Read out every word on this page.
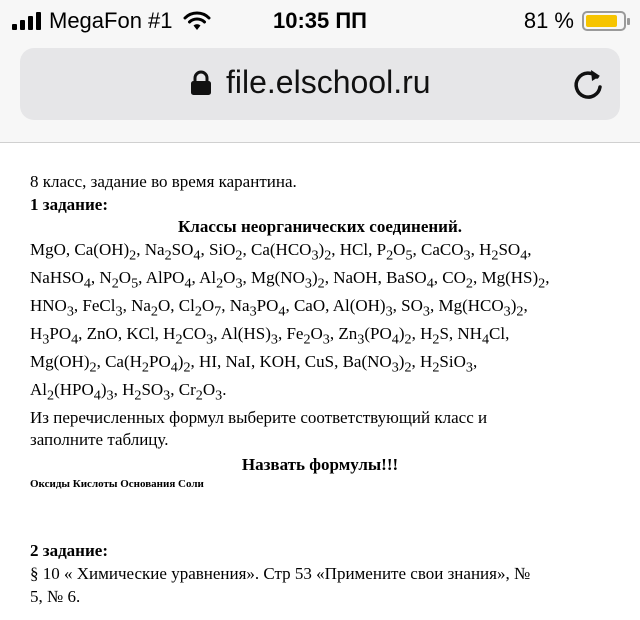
MegaFon #1	10:35 ПП	81 %
file.elschool.ru

8 класс, задание во время карантина.

1 задание:

Классы неорганических соединений.

MgO, $Ca(OH)_2$, $Na_2SO_4$, SiO$_2$, $Ca(HCO_3)_2$, HCl, $P_2O_5$, CaCO$_3$, $H_2SO_4$,

NaHSO$_4$, $N_2O_5$, AlPO$_4$, $Al_2O_3$, $Mg(NO_3)_2$, NaOH, BaSO$_4$, $CO_2$, $Mg(HS)_2$,

$HNO_3$, FeCl$_3$, $Na_2O$, $Cl_2O_7$, $Na_3PO_4$, CaO, $Al(OH)_3$, $SO_3$, $Mg(HCO_3)_2$,

$H_3PO_4$, ZnO, KCl, $H_2CO_3$, $Al(HS)_3$, $Fe_2O_3$, $Zn_3(PO_4)_2$, $H_2S$, $NH_4Cl$,

$Mg(OH)_2$, $Ca(H_2PO_4)_2$, HI, NaI, KOH, CuS, $Ba(NO_3)_2$, $H_2SiO_3$,

$Al_2(HPO_4)_3$, $H_2SO_3$, $Cr_2O_3$.

Из перечисленных формул выберите соответствующий класс и

заполните таблицу.

Назвать формулы!!!

Оксиды Кислоты Основания Соли

2 задание:

§ 10 « Химические уравнения». Стр 53 «Примените свои знания», №

5, № 6.
